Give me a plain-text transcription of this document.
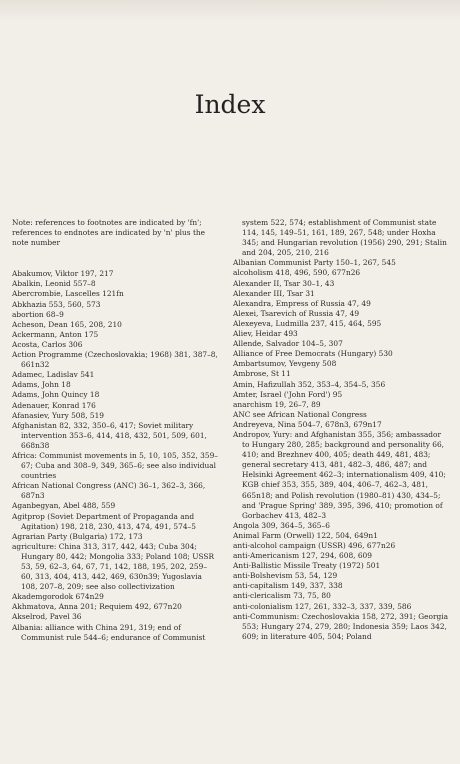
Index

Note: references to footnotes are indicated by 'fn'; references to endnotes are indicated by 'n' plus the note number

Abakumov, Viktor 197, 217

Abalkin, Leonid 557–8

Abercrombie, Lascelles 121fn

Abkhazia 553, 560, 573

abortion 68–9

Acheson, Dean 165, 208, 210

Ackermann, Anton 175

Acosta, Carlos 306

Action Programme (Czechoslovakia; 1968) 381, 387–8, 661n32

Adamec, Ladislav 541

Adams, John 18

Adams, John Quincy 18

Adenauer, Konrad 176

Afanasiev, Yury 508, 519

Afghanistan 82, 332, 350–6, 417; Soviet military intervention 353–6, 414, 418, 432, 501, 509, 601, 668n38

Africa: Communist movements in 5, 10, 105, 352, 359–67; Cuba and 308–9, 349, 365–6; see also individual countries

African National Congress (ANC) 36–1, 362–3, 366, 687n3

Aganbegyan, Abel 488, 559

Agitprop (Soviet Department of Propaganda and Agitation) 198, 218, 230, 413, 474, 491, 574–5

Agrarian Party (Bulgaria) 172, 173

agriculture: China 313, 317, 442, 443; Cuba 304; Hungary 80, 442; Mongolia 333; Poland 108; USSR 53, 59, 62–3, 64, 67, 71, 142, 188, 195, 202, 259–60, 313, 404, 413, 442, 469, 630n39; Yugoslavia 108, 207–8, 209; see also collectivization

Akademgorodok 674n29

Akhmatova, Anna 201; Requiem 492, 677n20

Akselrod, Pavel 36

Albania: alliance with China 291, 319; end of Communist rule 544–6; endurance of Communist

system 522, 574; establishment of Communist state 114, 145, 149–51, 161, 189, 267, 548; under Hoxha 345; and Hungarian revolution (1956) 290, 291; Stalin and 204, 205, 210, 216

Albanian Communist Party 150–1, 267, 545

alcoholism 418, 496, 590, 677n26

Alexander II, Tsar 30–1, 43

Alexander III, Tsar 31

Alexandra, Empress of Russia 47, 49

Alexei, Tsarevich of Russia 47, 49

Alexeyeva, Ludmilla 237, 415, 464, 595

Aliev, Heidar 493

Allende, Salvador 104–5, 307

Alliance of Free Democrats (Hungary) 530

Ambartsumov, Yevgeny 508

Ambrose, St 11

Amin, Hafizullah 352, 353–4, 354–5, 356

Amter, Israel ('John Ford') 95

anarchism 19, 26–7, 89

ANC see African National Congress

Andreyeva, Nina 504–7, 678n3, 679n17

Andropov, Yury: and Afghanistan 355, 356; ambassador to Hungary 280, 285; background and personality 66, 410; and Brezhnev 400, 405; death 449, 481, 483; general secretary 413, 481, 482–3, 486, 487; and Helsinki Agreement 462–3; internationalism 409, 410; KGB chief 353, 355, 389, 404, 406–7, 462–3, 481, 665n18; and Polish revolution (1980–81) 430, 434–5; and 'Prague Spring' 389, 395, 396, 410; promotion of Gorbachev 413, 482–3

Angola 309, 364–5, 365–6

Animal Farm (Orwell) 122, 504, 649n1

anti-alcohol campaign (USSR) 496, 677n26

anti-Americanism 127, 294, 608, 609

Anti-Ballistic Missile Treaty (1972) 501

anti-Bolshevism 53, 54, 129

anti-capitalism 149, 337, 338

anti-clericalism 73, 75, 80

anti-colonialism 127, 261, 332–3, 337, 339, 586

anti-Communism: Czechoslovakia 158, 272, 391; Georgia 553; Hungary 274, 279, 280; Indonesia 359; Laos 342, 609; in literature 405, 504; Poland
